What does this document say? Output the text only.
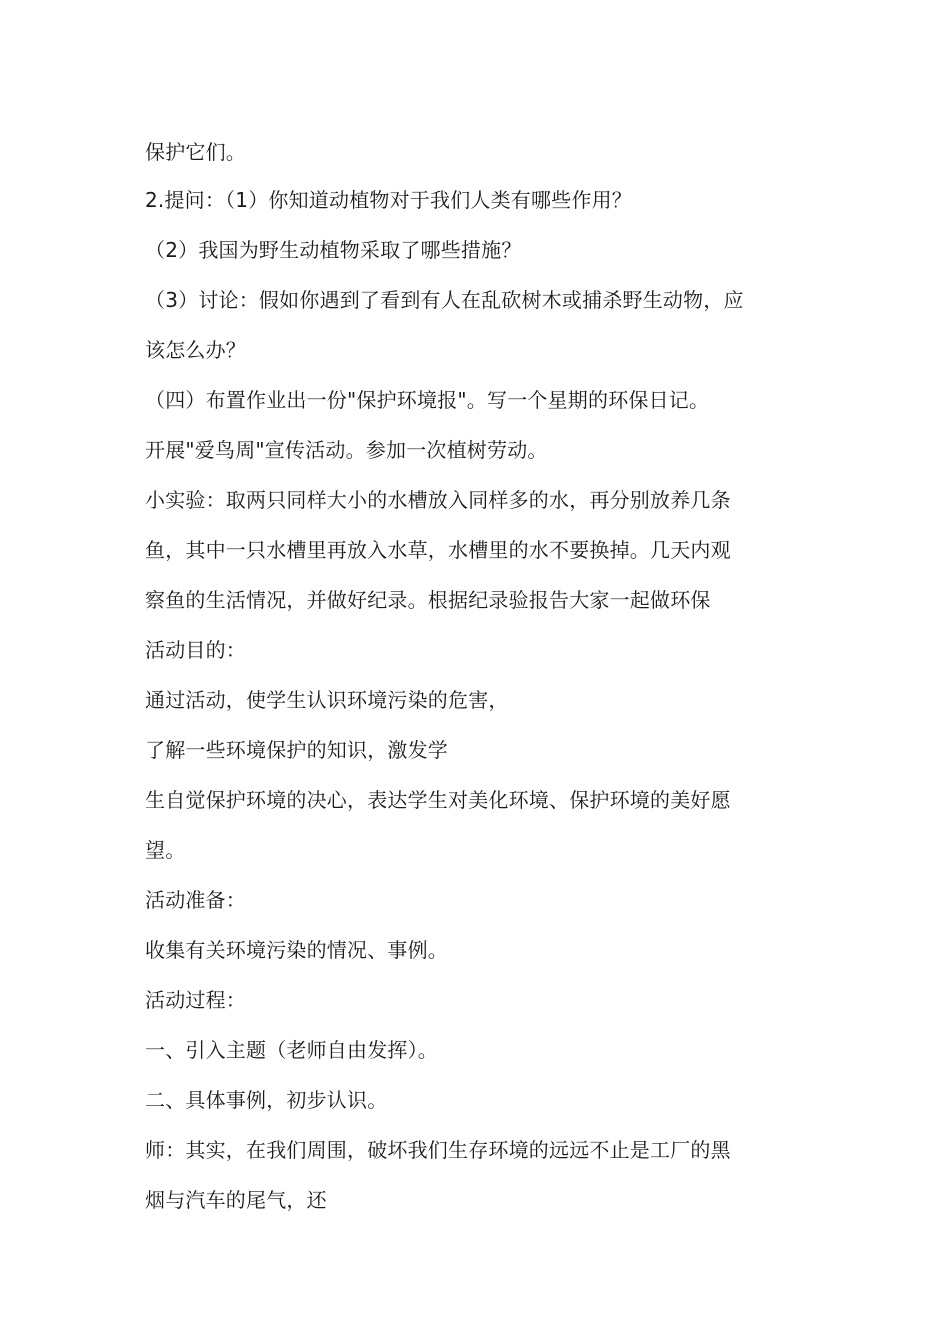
保护它们。
2.提问：（1）你知道动植物对于我们人类有哪些作用？
（2）我国为野生动植物采取了哪些措施？
（3）讨论：假如你遇到了看到有人在乱砍树木或捕杀野生动物，应
该怎么办？
（四）布置作业出一份"保护环境报"。写一个星期的环保日记。
开展"爱鸟周"宣传活动。参加一次植树劳动。
小实验：取两只同样大小的水槽放入同样多的水，再分别放养几条
鱼，其中一只水槽里再放入水草，水槽里的水不要换掉。几天内观
察鱼的生活情况，并做好纪录。根据纪录验报告大家一起做环保
活动目的：
通过活动，使学生认识环境污染的危害，
了解一些环境保护的知识，激发学
生自觉保护环境的决心，表达学生对美化环境、保护环境的美好愿
望。
活动准备：
收集有关环境污染的情况、事例。
活动过程：
一、引入主题（老师自由发挥）。
二、具体事例，初步认识。
师：其实，在我们周围，破坏我们生存环境的远远不止是工厂的黑
烟与汽车的尾气，还
